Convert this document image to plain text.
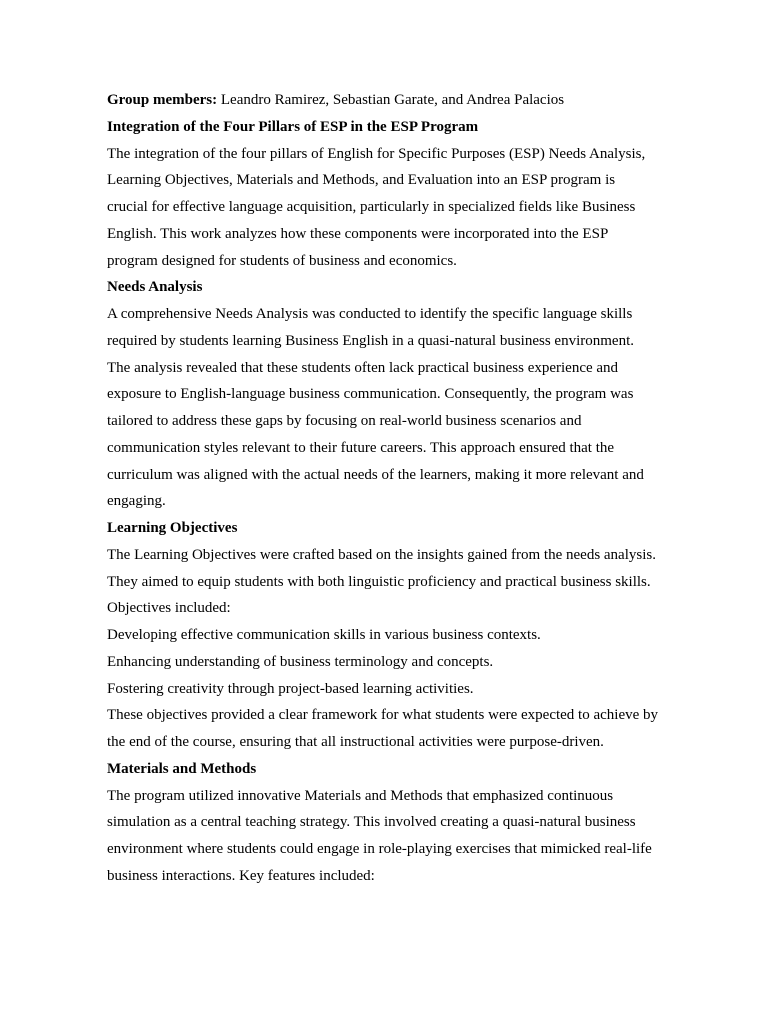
Group members: Leandro Ramirez, Sebastian Garate, and Andrea Palacios

Integration of the Four Pillars of ESP in the ESP Program

The integration of the four pillars of English for Specific Purposes (ESP) Needs Analysis,

Learning Objectives, Materials and Methods, and Evaluation into an ESP program is

crucial for effective language acquisition, particularly in specialized fields like Business

English. This work analyzes how these components were incorporated into the ESP

program designed for students of business and economics.

Needs Analysis

A comprehensive Needs Analysis was conducted to identify the specific language skills

required by students learning Business English in a quasi-natural business environment.

The analysis revealed that these students often lack practical business experience and

exposure to English-language business communication. Consequently, the program was

tailored to address these gaps by focusing on real-world business scenarios and

communication styles relevant to their future careers. This approach ensured that the

curriculum was aligned with the actual needs of the learners, making it more relevant and

engaging.

Learning Objectives

The Learning Objectives were crafted based on the insights gained from the needs analysis.

They aimed to equip students with both linguistic proficiency and practical business skills.

Objectives included:

Developing effective communication skills in various business contexts.

Enhancing understanding of business terminology and concepts.

Fostering creativity through project-based learning activities.

These objectives provided a clear framework for what students were expected to achieve by

the end of the course, ensuring that all instructional activities were purpose-driven.

Materials and Methods

The program utilized innovative Materials and Methods that emphasized continuous

simulation as a central teaching strategy. This involved creating a quasi-natural business

environment where students could engage in role-playing exercises that mimicked real-life

business interactions. Key features included:
